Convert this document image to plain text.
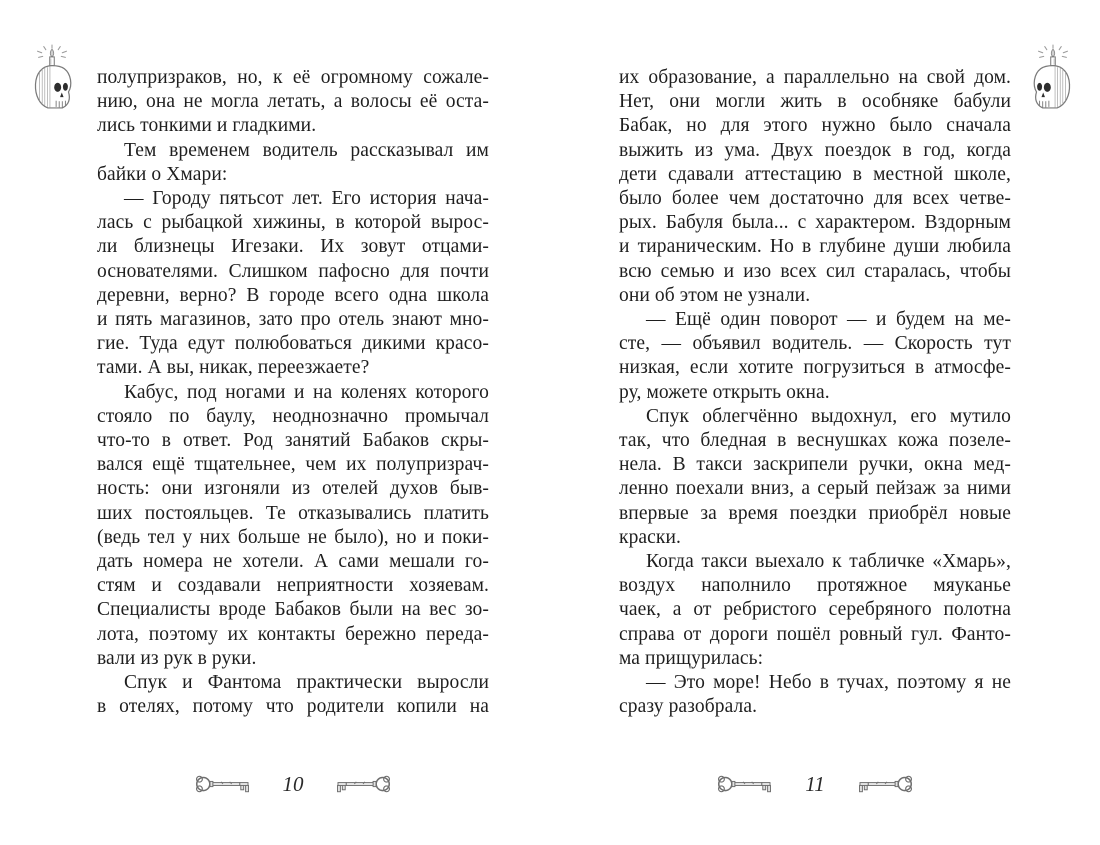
полупризраков, но, к её огромному сожале-
нию, она не могла летать, а волосы её оста-
лись тонкими и гладкими.
Тем временем водитель рассказывал им
байки о Хмари:
— Городу пятьсот лет. Его история нача-
лась с рыбацкой хижины, в которой вырос-
ли близнецы Игезаки. Их зовут отцами-
основателями. Слишком пафосно для почти
деревни, верно? В городе всего одна школа
и пять магазинов, зато про отель знают мно-
гие. Туда едут полюбоваться дикими красо-
тами. А вы, никак, переезжаете?
Кабус, под ногами и на коленях которого
стояло по баулу, неоднозначно промычал
что-то в ответ. Род занятий Бабаков скры-
вался ещё тщательнее, чем их полупризрач-
ность: они изгоняли из отелей духов быв-
ших постояльцев. Те отказывались платить
(ведь тел у них больше не было), но и поки-
дать номера не хотели. А сами мешали го-
стям и создавали неприятности хозяевам.
Специалисты вроде Бабаков были на вес зо-
лота, поэтому их контакты бережно переда-
вали из рук в руки.
Спук и Фантома практически выросли
в отелях, потому что родители копили на
10
их образование, а параллельно на свой дом.
Нет, они могли жить в особняке бабули
Бабак, но для этого нужно было сначала
выжить из ума. Двух поездок в год, когда
дети сдавали аттестацию в местной школе,
было более чем достаточно для всех четве-
рых. Бабуля была... с характером. Вздорным
и тираническим. Но в глубине души любила
всю семью и изо всех сил старалась, чтобы
они об этом не узнали.
— Ещё один поворот — и будем на ме-
сте, — объявил водитель. — Скорость тут
низкая, если хотите погрузиться в атмосфе-
ру, можете открыть окна.
Спук облегчённо выдохнул, его мутило
так, что бледная в веснушках кожа позеле-
нела. В такси заскрипели ручки, окна мед-
ленно поехали вниз, а серый пейзаж за ними
впервые за время поездки приобрёл новые
краски.
Когда такси выехало к табличке «Хмарь»,
воздух наполнило протяжное мяуканье
чаек, а от ребристого серебряного полотна
справа от дороги пошёл ровный гул. Фанто-
ма прищурилась:
— Это море! Небо в тучах, поэтому я не
сразу разобрала.
11
